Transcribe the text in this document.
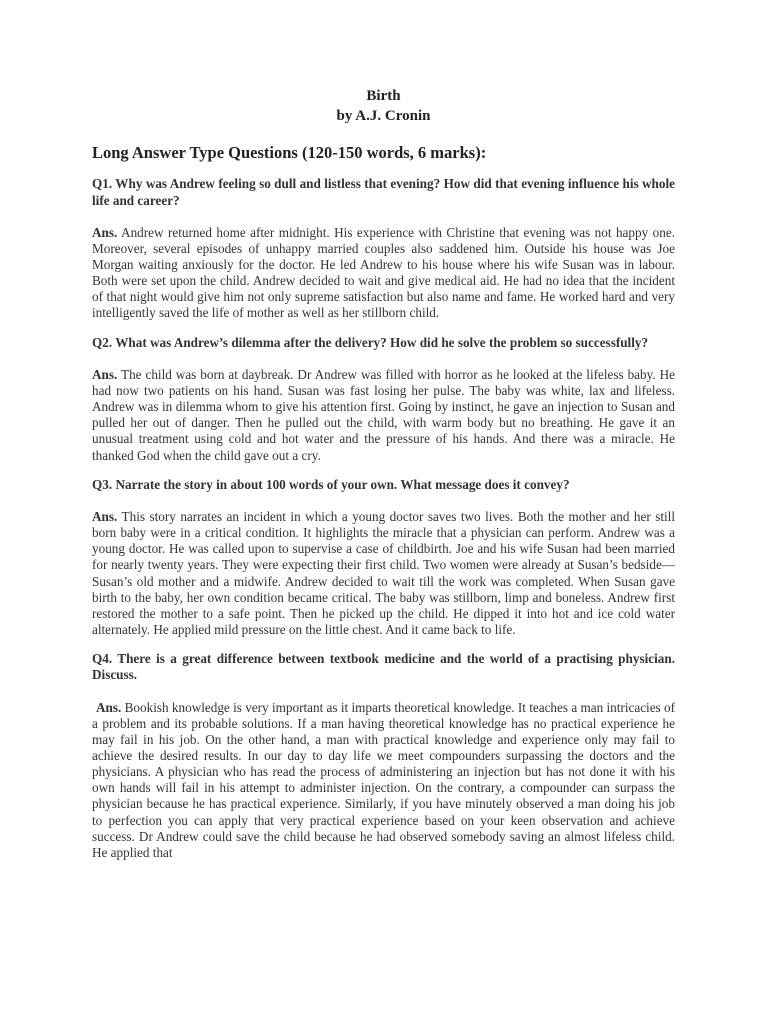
Birth

by A.J. Cronin

Long Answer Type Questions (120-150 words, 6 marks):

Q1. Why was Andrew feeling so dull and listless that evening? How did that evening influence his whole life and career?

Ans. Andrew returned home after midnight. His experience with Christine that evening was not happy one. Moreover, several episodes of unhappy married couples also saddened him. Outside his house was Joe Morgan waiting anxiously for the doctor. He led Andrew to his house where his wife Susan was in labour. Both were set upon the child. Andrew decided to wait and give medical aid. He had no idea that the incident of that night would give him not only supreme satisfaction but also name and fame. He worked hard and very intelligently saved the life of mother as well as her stillborn child.

Q2. What was Andrew’s dilemma after the delivery? How did he solve the problem so successfully?

Ans. The child was born at daybreak. Dr Andrew was filled with horror as he looked at the lifeless baby. He had now two patients on his hand. Susan was fast losing her pulse. The baby was white, lax and lifeless. Andrew was in dilemma whom to give his attention first. Going by instinct, he gave an injection to Susan and pulled her out of danger. Then he pulled out the child, with warm body but no breathing. He gave it an unusual treatment using cold and hot water and the pressure of his hands. And there was a miracle. He thanked God when the child gave out a cry.

Q3. Narrate the story in about 100 words of your own. What message does it convey?

Ans. This story narrates an incident in which a young doctor saves two lives. Both the mother and her still born baby were in a critical condition. It highlights the miracle that a physician can perform. Andrew was a young doctor. He was called upon to supervise a case of childbirth. Joe and his wife Susan had been married for nearly twenty years. They were expecting their first child. Two women were already at Susan’s bedside—Susan’s old mother and a midwife. Andrew decided to wait till the work was completed. When Susan gave birth to the baby, her own condition became critical. The baby was stillborn, limp and boneless. Andrew first restored the mother to a safe point. Then he picked up the child. He dipped it into hot and ice cold water alternately. He applied mild pressure on the little chest. And it came back to life.

Q4. There is a great difference between textbook medicine and the world of a practising physician. Discuss.

Ans. Bookish knowledge is very important as it imparts theoretical knowledge. It teaches a man intricacies of a problem and its probable solutions. If a man having theoretical knowledge has no practical experience he may fail in his job. On the other hand, a man with practical knowledge and experience only may fail to achieve the desired results. In our day to day life we meet compounders surpassing the doctors and the physicians. A physician who has read the process of administering an injection but has not done it with his own hands will fail in his attempt to administer injection. On the contrary, a compounder can surpass the physician because he has practical experience. Similarly, if you have minutely observed a man doing his job to perfection you can apply that very practical experience based on your keen observation and achieve success. Dr Andrew could save the child because he had observed somebody saving an almost lifeless child. He applied that
